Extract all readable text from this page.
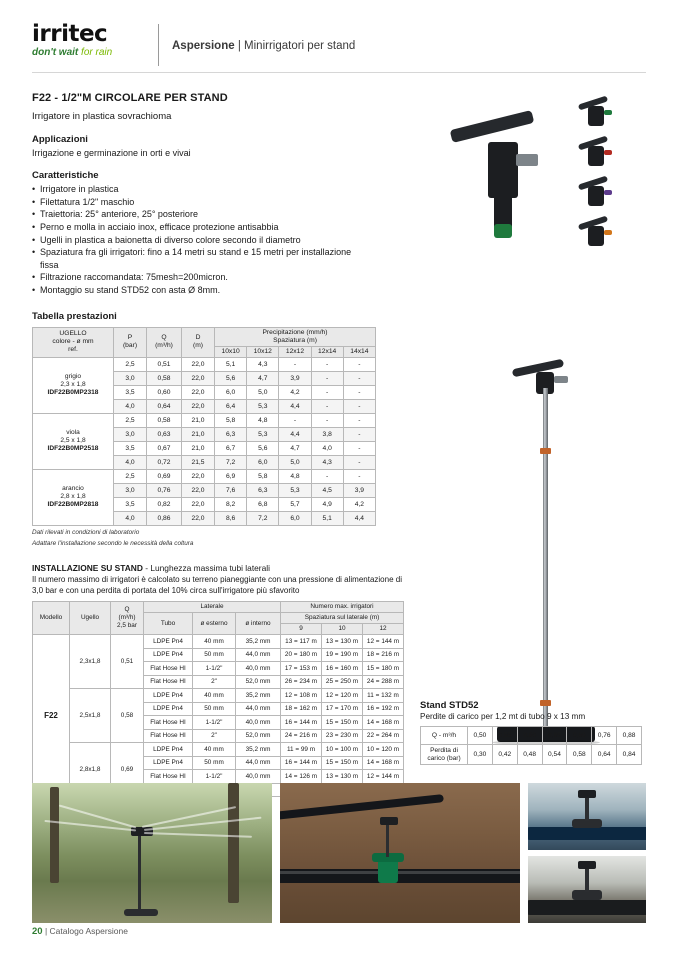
irritec
don't wait for rain
Aspersione | Minirrigatori per stand
F22 - 1/2"M CIRCOLARE PER STAND

Irrigatore in plastica sovrachioma

Applicazioni

Irrigazione e germinazione in orti e vivai

Caratteristiche
• Irrigatore in plastica
• Filettatura 1/2" maschio
• Traiettoria: 25° anteriore, 25° posteriore
• Perno e molla in acciaio inox, efficace protezione antisabbia
• Ugelli in plastica a baionetta di diverso colore secondo il diametro
• Spaziatura fra gli irrigatori: fino a 14 metri su stand e 15 metri per installazione
fissa
• Filtrazione raccomandata: 75mesh=200micron.
• Montaggio su stand STD52 con asta Ø 8mm.
Tabella prestazioni
UGELLO
colore - ø mm
ref.

P
(bar)

Q
(m³/h)

D
(m)

Precipitazione (mm/h)
Spaziatura (m)

				10x10	10x12	12x12	12x14	14x14

grigio
2,3 x 1,8
IDF22B0MP2318	2,5	0,51	22,0	5,1	4,3	-	-	-
	3,0	0,58	22,0	5,6	4,7	3,9	-	-
	3,5	0,60	22,0	6,0	5,0	4,2	-	-
	4,0	0,64	22,0	6,4	5,3	4,4	-	-

viola
2,5 x 1,8
IDF22B0MP2518	2,5	0,58	21,0	5,8	4,8	-	-	-
	3,0	0,63	21,0	6,3	5,3	4,4	3,8	-
	3,5	0,67	21,0	6,7	5,6	4,7	4,0	-
	4,0	0,72	21,5	7,2	6,0	5,0	4,3	-

arancio
2,8 x 1,8
IDF22B0MP2818	2,5	0,69	22,0	6,9	5,8	4,8	-	-
	3,0	0,76	22,0	7,6	6,3	5,3	4,5	3,9
	3,5	0,82	22,0	8,2	6,8	5,7	4,9	4,2
	4,0	0,86	22,0	8,6	7,2	6,0	5,1	4,4
Dati rilevati in condizioni di laboratorio
Adattare l'installazione secondo le necessità della coltura
INSTALLAZIONE SU STAND - Lunghezza massima tubi laterali

Il numero massimo di irrigatori è calcolato su terreno pianeggiante con una pressione di alimentazione di 3,0 bar e con una perdita di portata del 10% circa sull'irrigatore più sfavorito

Modello	Ugello	Q
(m³/h)
2,5 bar	Laterale			Numero max. irrigatori		
			Tubo	ø esterno	ø interno	Spaziatura sul laterale (m)		
						9	10	12
F22	2,3x1,8	0,51	LDPE Pn4	40 mm	35,2 mm	13 = 117 m	13 = 130 m	12 = 144 m
			LDPE Pn4	50 mm	44,0 mm	20 = 180 m	19 = 190 m	18 = 216 m
			Flat Hose HI	1-1/2"	40,0 mm	17 = 153 m	16 = 160 m	15 = 180 m
			Flat Hose HI	2"	52,0 mm	26 = 234 m	25 = 250 m	24 = 288 m
	2,5x1,8	0,58	LDPE Pn4	40 mm	35,2 mm	12 = 108 m	12 = 120 m	11 = 132 m
			LDPE Pn4	50 mm	44,0 mm	18 = 162 m	17 = 170 m	16 = 192 m
			Flat Hose HI	1-1/2"	40,0 mm	16 = 144 m	15 = 150 m	14 = 168 m
			Flat Hose HI	2"	52,0 mm	24 = 216 m	23 = 230 m	22 = 264 m
	2,8x1,8	0,69	LDPE Pn4	40 mm	35,2 mm	11 = 99 m	10 = 100 m	10 = 120 m
			LDPE Pn4	50 mm	44,0 mm	16 = 144 m	15 = 150 m	14 = 168 m
			Flat Hose HI	1-1/2"	40,0 mm	14 = 126 m	13 = 130 m	12 = 144 m

Stand STD52
Perdite di carico per 1,2 mt di tubo 9 x 13 mm
Q - m³/h	0,50	0,55	0,60	0,65	0,69	0,76	0,88

Perdita di
carico (bar)	0,30	0,42	0,48	0,54	0,58	0,64	0,84
20 | Catalogo Aspersione
